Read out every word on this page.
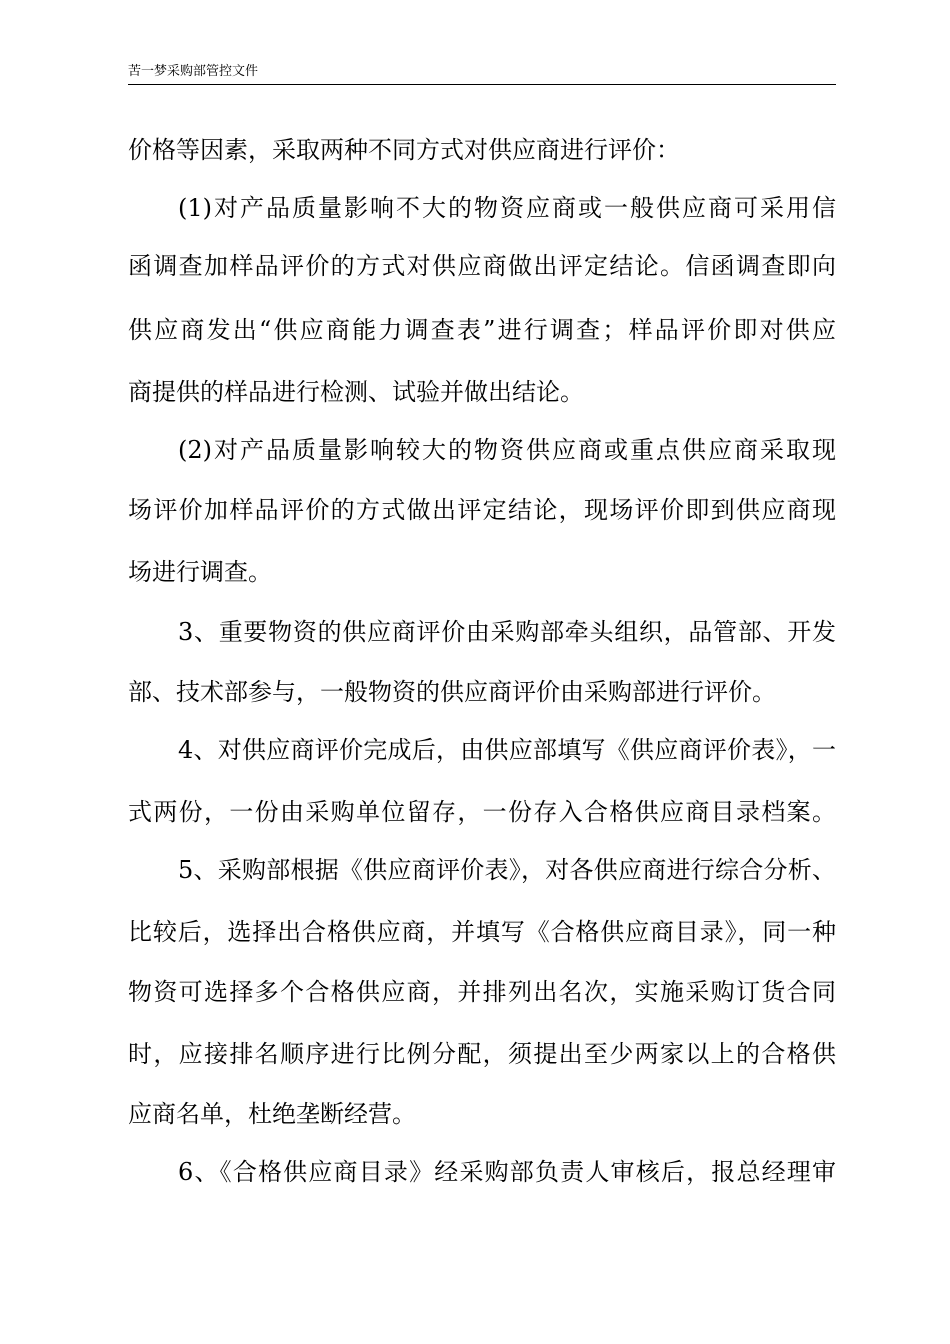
苦一梦采购部管控文件
价格等因素，采取两种不同方式对供应商进行评价：
(1)对产品质量影响不大的物资应商或一般供应商可采用信
函调查加样品评价的方式对供应商做出评定结论。信函调查即向
供应商发出“供应商能力调查表”进行调查；样品评价即对供应
商提供的样品进行检测、试验并做出结论。
(2)对产品质量影响较大的物资供应商或重点供应商采取现
场评价加样品评价的方式做出评定结论，现场评价即到供应商现
场进行调查。
3、重要物资的供应商评价由采购部牵头组织，品管部、开发
部、技术部参与，一般物资的供应商评价由采购部进行评价。
4、对供应商评价完成后，由供应部填写《供应商评价表》，一
式两份，一份由采购单位留存，一份存入合格供应商目录档案。
5、采购部根据《供应商评价表》，对各供应商进行综合分析、
比较后，选择出合格供应商，并填写《合格供应商目录》，同一种
物资可选择多个合格供应商，并排列出名次，实施采购订货合同
时，应接排名顺序进行比例分配，须提出至少两家以上的合格供
应商名单，杜绝垄断经营。
6、《合格供应商目录》经采购部负责人审核后，报总经理审
